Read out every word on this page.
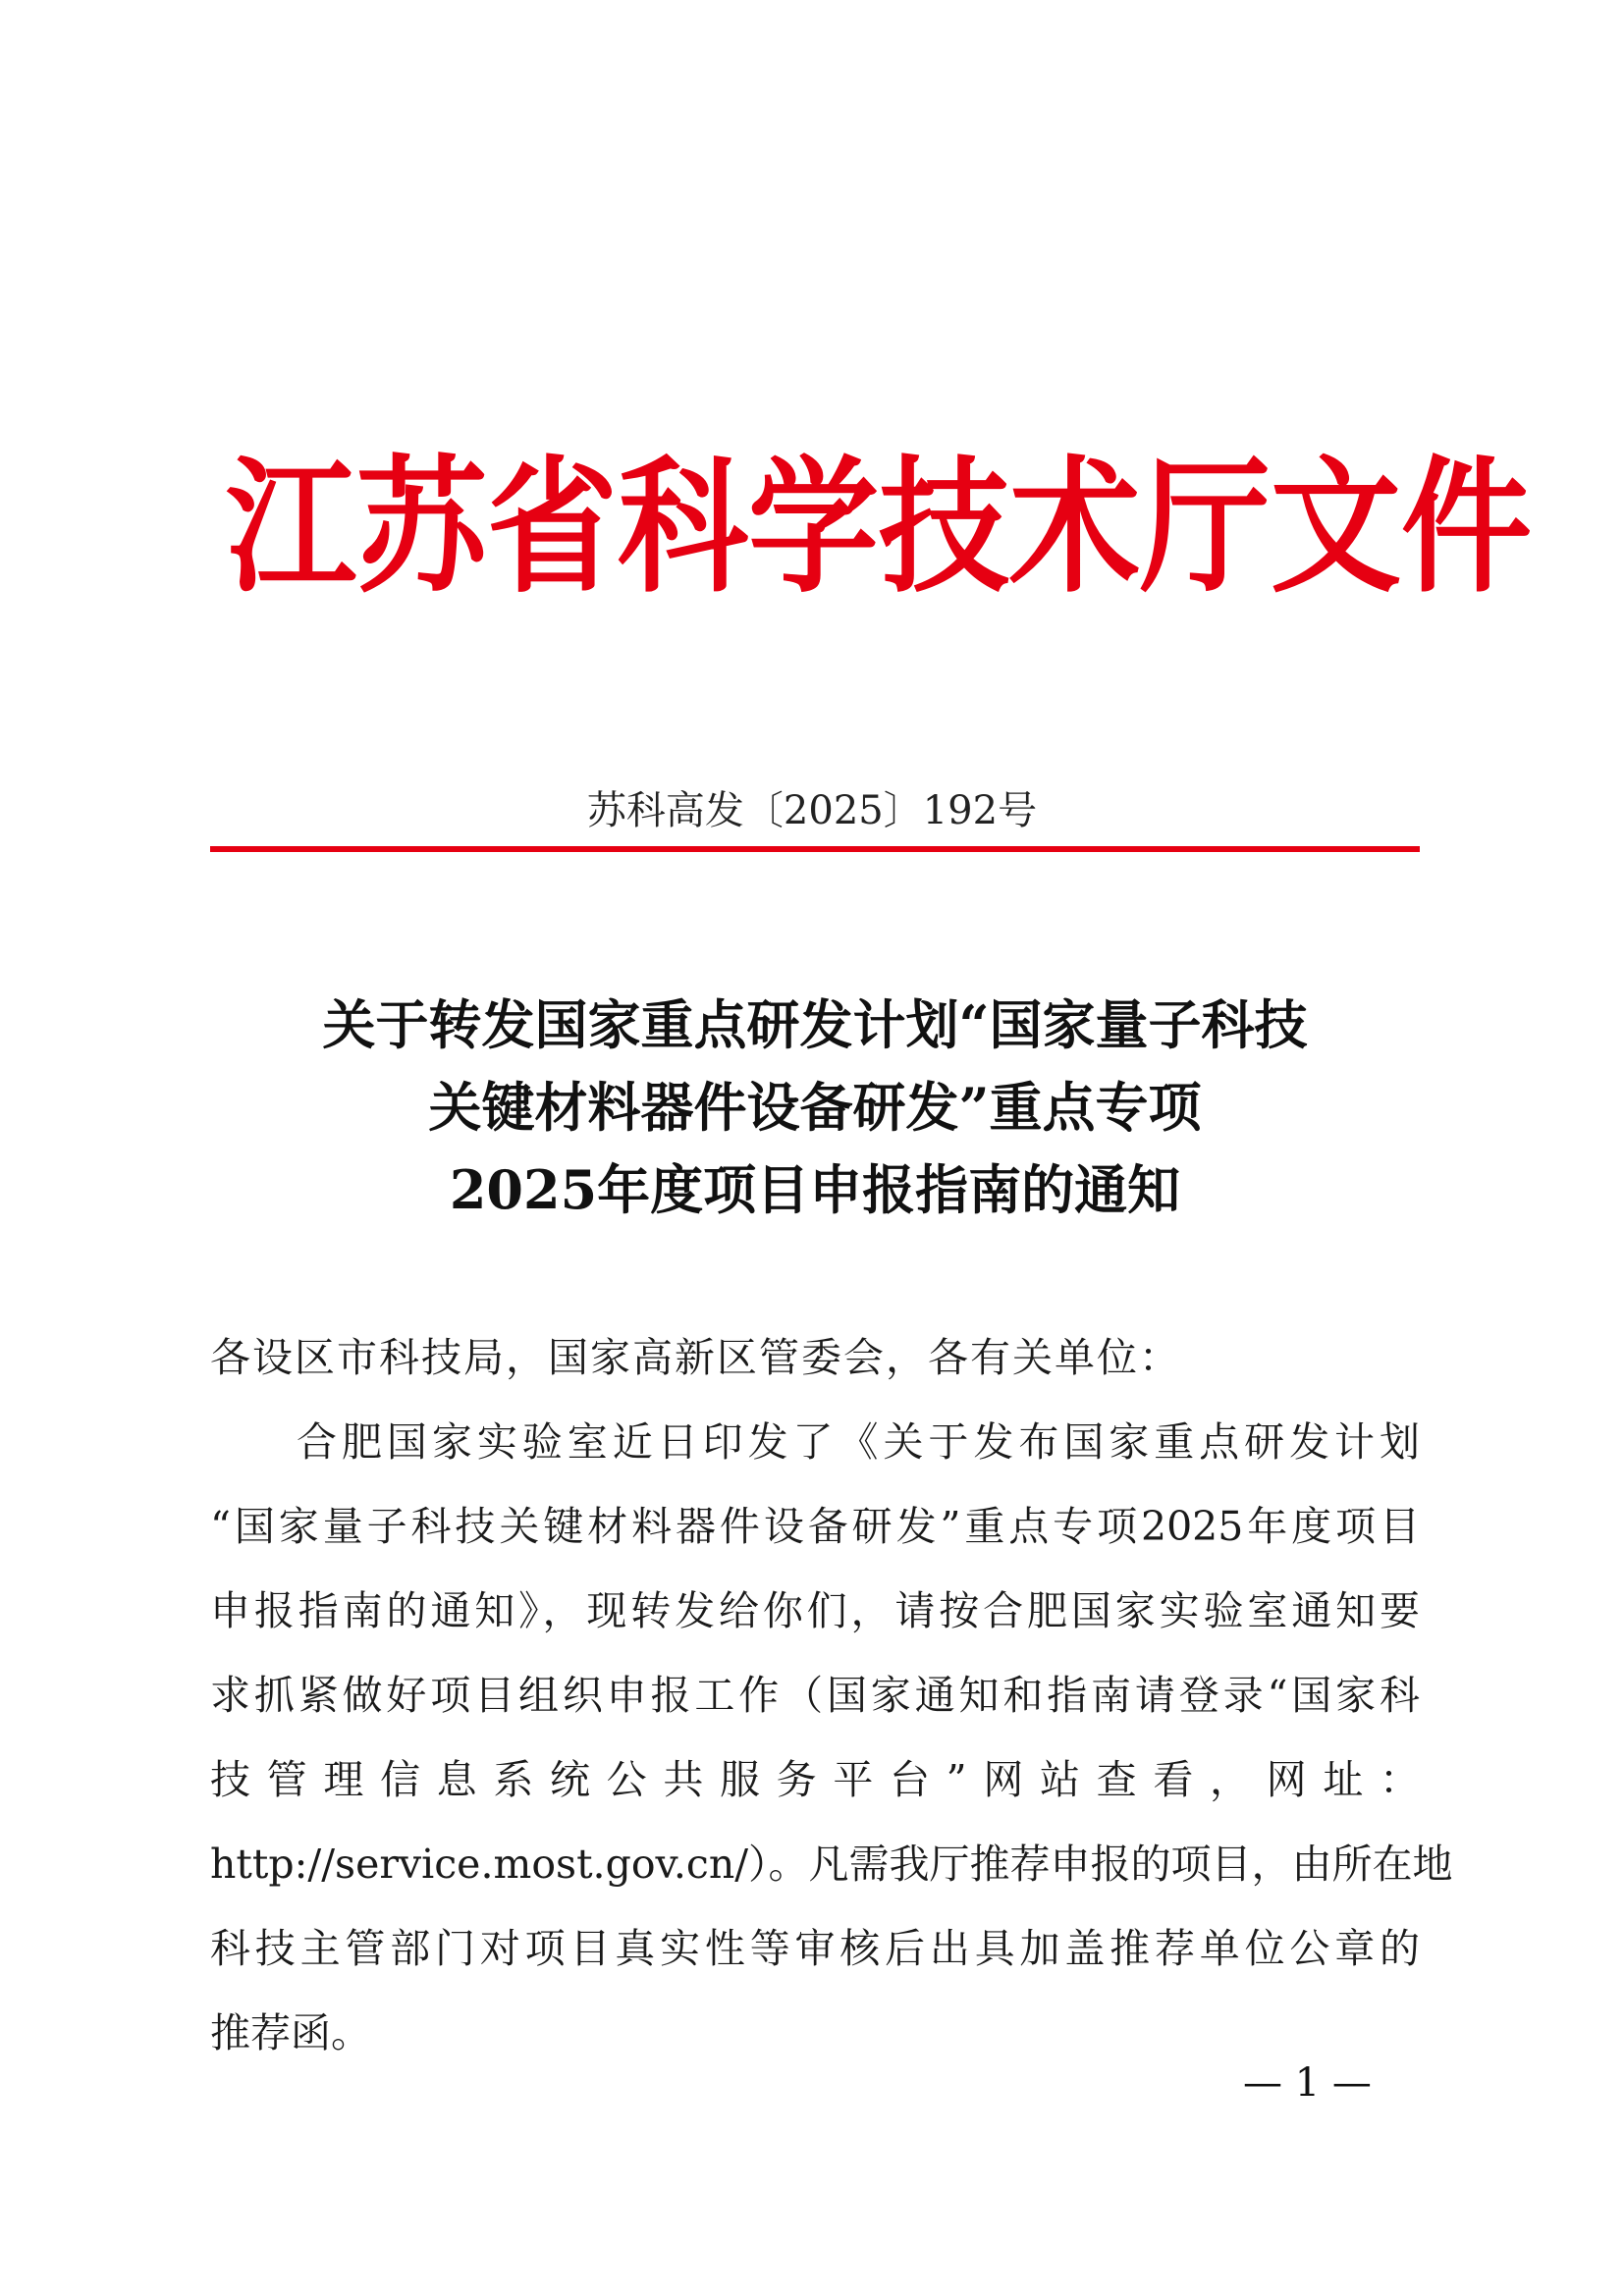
江苏省科学技术厅文件
苏科高发〔2025〕192号
关于转发国家重点研发计划“国家量子科技
关键材料器件设备研发”重点专项
2025年度项目申报指南的通知
各设区市科技局，国家高新区管委会，各有关单位：
合肥国家实验室近日印发了《关于发布国家重点研发计划
“国家量子科技关键材料器件设备研发”重点专项2025年度项目
申报指南的通知》，现转发给你们，请按合肥国家实验室通知要
求抓紧做好项目组织申报工作（国家通知和指南请登录“国家科
技管理信息系统公共服务平台”网站查看，网址：
http://service.most.gov.cn/）。凡需我厅推荐申报的项目，由所在地
科技主管部门对项目真实性等审核后出具加盖推荐单位公章的
推荐函。
— 1 —
